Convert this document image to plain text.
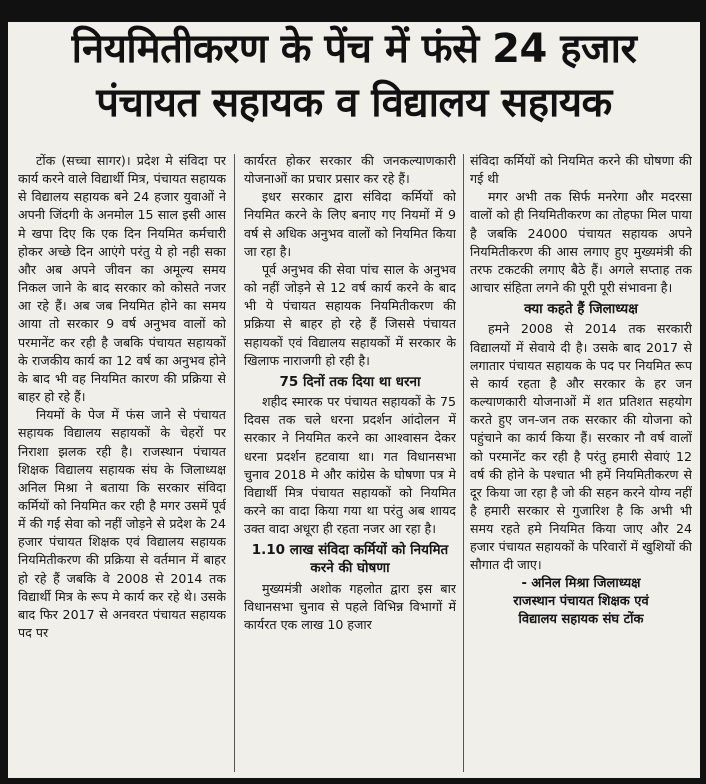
नियमितीकरण के पेंच में फंसे 24 हजार
पंचायत सहायक व विद्यालय सहायक

टोंक (सच्चा सागर)। प्रदेश मे संविदा पर कार्य करने वाले विद्यार्थी मित्र, पंचायत सहायक से विद्यालय सहायक बने 24 हजार युवाओं ने अपनी जिंदगी के अनमोल 15 साल इसी आस मे खपा दिए कि एक दिन नियमित कर्मचारी होकर अच्छे दिन आएंगे परंतु ये हो नही सका और अब अपने जीवन का अमूल्य समय निकल जाने के बाद सरकार को कोसते नजर आ रहे हैं। अब जब नियमित होने का समय आया तो सरकार 9 वर्ष अनुभव वालों को परमानेंट कर रही है जबकि पंचायत सहायकों के राजकीय कार्य का 12 वर्ष का अनुभव होने के बाद भी वह नियमित कारण की प्रक्रिया से बाहर हो रहे हैं।

नियमों के पेज में फंस जाने से पंचायत सहायक विद्यालय सहायकों के चेहरों पर निराशा झलक रही है। राजस्थान पंचायत शिक्षक विद्यालय सहायक संघ के जिलाध्यक्ष अनिल मिश्रा ने बताया कि सरकार संविदा कर्मियों को नियमित कर रही है मगर उसमें पूर्व में की गई सेवा को नहीं जोड़ने से प्रदेश के 24 हजार पंचायत शिक्षक एवं विद्यालय सहायक नियमितीकरण की प्रक्रिया से वर्तमान में बाहर हो रहे हैं जबकि वे 2008 से 2014 तक विद्यार्थी मित्र के रूप मे कार्य कर रहे थे। उसके बाद फिर 2017 से अनवरत पंचायत सहायक पद पर

कार्यरत होकर सरकार की जनकल्याणकारी योजनाओं का प्रचार प्रसार कर रहे हैं।

इधर सरकार द्वारा संविदा कर्मियों को नियमित करने के लिए बनाए गए नियमों में 9 वर्ष से अधिक अनुभव वालों को नियमित किया जा रहा है।

पूर्व अनुभव की सेवा पांच साल के अनुभव को नहीं जोड़ने से 12 वर्ष कार्य करने के बाद भी ये पंचायत सहायक नियमितीकरण की प्रक्रिया से बाहर हो रहे हैं जिससे पंचायत सहायकों एवं विद्यालय सहायकों में सरकार के खिलाफ नाराजगी हो रही है।

75 दिनों तक दिया था धरना

शहीद स्मारक पर पंचायत सहायकों के 75 दिवस तक चले धरना प्रदर्शन आंदोलन में सरकार ने नियमित करने का आश्वासन देकर धरना प्रदर्शन हटवाया था। गत विधानसभा चुनाव 2018 मे और कांग्रेस के घोषणा पत्र मे विद्यार्थी मित्र पंचायत सहायकों को नियमित करने का वादा किया गया था परंतु अब शायद उक्त वादा अधूरा ही रहता नजर आ रहा है।

1.10 लाख संविदा कर्मियों को नियमित करने की घोषणा

मुख्यमंत्री अशोक गहलोत द्वारा इस बार विधानसभा चुनाव से पहले विभिन्न विभागों में कार्यरत एक लाख 10 हजार

संविदा कर्मियों को नियमित करने की घोषणा की गई थी

मगर अभी तक सिर्फ मनरेगा और मदरसा वालों को ही नियमितीकरण का तोहफा मिल पाया है जबकि 24000 पंचायत सहायक अपने नियमितीकरण की आस लगाए हुए मुख्यमंत्री की तरफ टकटकी लगाए बैठे हैं। अगले सप्ताह तक आचार संहिता लगने की पूरी पूरी संभावना है।

क्या कहते हैं जिलाध्यक्ष

हमने 2008 से 2014 तक सरकारी विद्यालयों में सेवाये दी है। उसके बाद 2017 से लगातार पंचायत सहायक के पद पर नियमित रूप से कार्य रहता है और सरकार के हर जन कल्याणकारी योजनाओं में शत प्रतिशत सहयोग करते हुए जन-जन तक सरकार की योजना को पहुंचाने का कार्य किया हैं। सरकार नौ वर्ष वालों को परमानेंट कर रही है परंतु हमारी सेवाएं 12 वर्ष की होने के पश्चात भी हमें नियमितीकरण से दूर किया जा रहा है जो की सहन करने योग्य नहीं है हमारी सरकार से गुजारिश है कि अभी भी समय रहते हमे नियमित किया जाए और 24 हजार पंचायत सहायकों के परिवारों में खुशियों की सौगात दी जाए।

- अनिल मिश्रा जिलाध्यक्ष

राजस्थान पंचायत शिक्षक एवं

विद्यालय सहायक संघ टोंक
